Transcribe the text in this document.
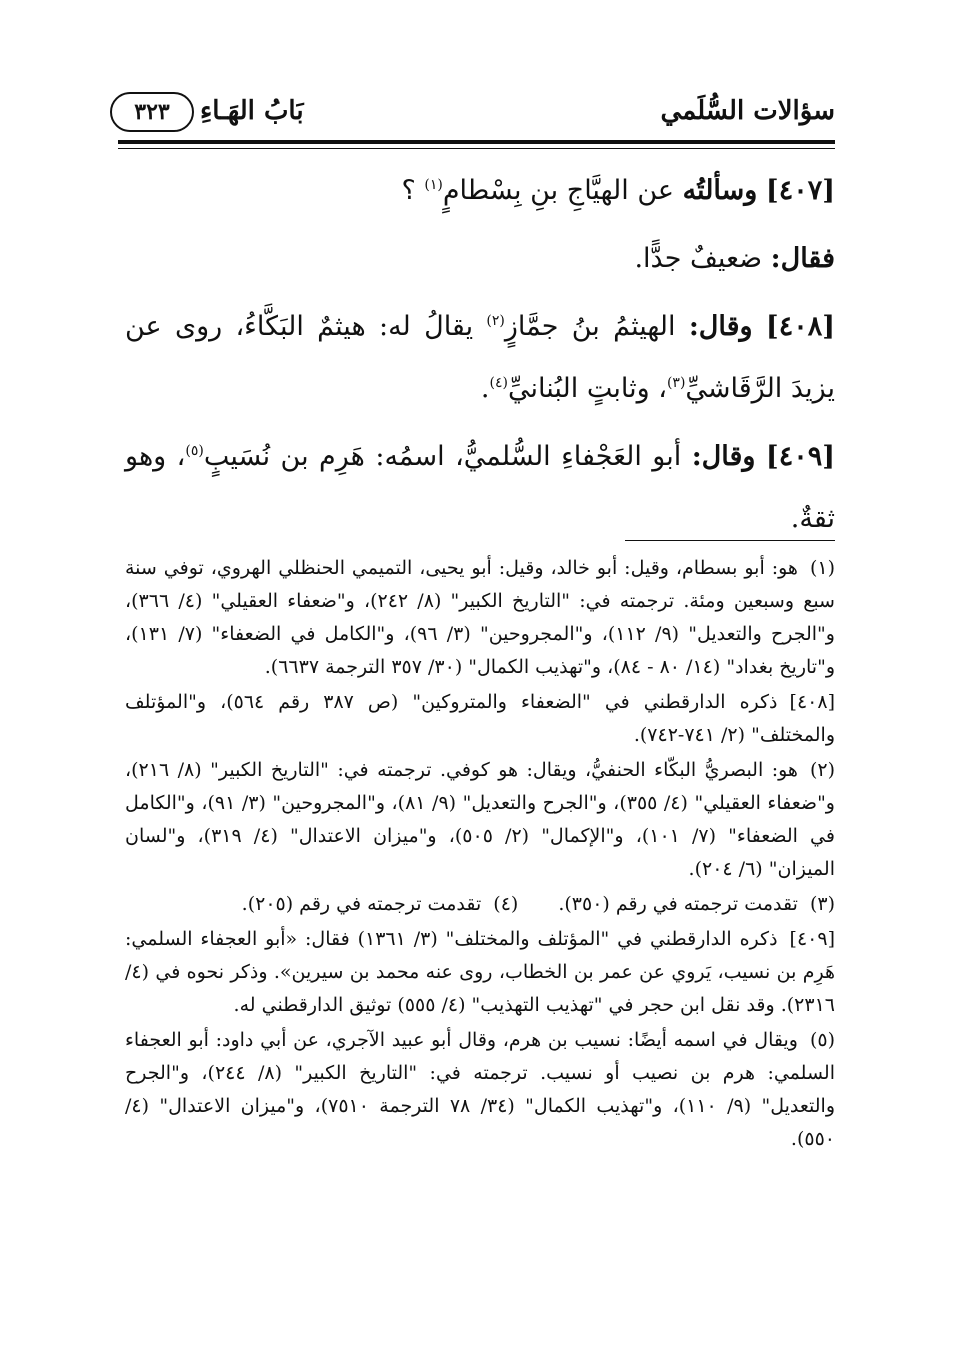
سؤالات السُّلَمي
بَابُ الهَـاءِ
٣٢٣

[٤٠٧] وسألتُه عن الهيَّاجِ بنِ بِسْطامٍ$^{(١)}$ ؟

فقال: ضعيفٌ جدًّا.

[٤٠٨] وقال: الهيثمُ بنُ جمَّازٍ$^{(٢)}$ يقالُ له: هيثمٌ البَكَّاءُ، روى عن يزيدَ الرَّقَاشيِّ$^{(٣)}$، وثابتٍ البُنانيِّ$^{(٤)}$.

[٤٠٩] وقال: أبو العَجْفاءِ السُّلميُّ، اسمُه: هَرِم بن نُسَيبٍ$^{(٥)}$، وهو ثقةٌ.

(١)هو: أبو بسطام، وقيل: أبو خالد، وقيل: أبو يحيى، التميمي الحنظلي الهروي، توفي سنة سبع وسبعين ومئة. ترجمته في: "التاريخ الكبير" (٨/ ٢٤٢)، و"ضعفاء العقيلي" (٤/ ٣٦٦)، و"الجرح والتعديل" (٩/ ١١٢)، و"المجروحين" (٣/ ٩٦)، و"الكامل في الضعفاء" (٧/ ١٣١)، و"تاريخ بغداد" (١٤/ ٨٠ - ٨٤)، و"تهذيب الكمال" (٣٠/ ٣٥٧ الترجمة ٦٦٣٧).

[٤٠٨]ذكره الدارقطني في "الضعفاء والمتروكين" (ص ٣٨٧ رقم ٥٦٤)، و"المؤتلف والمختلف" (٢/ ٧٤١-٧٤٢).

(٢)هو: البصريُّ البكّاء الحنفيُّ، ويقال: هو كوفي. ترجمته في: "التاريخ الكبير" (٨/ ٢١٦)، و"ضعفاء العقيلي" (٤/ ٣٥٥)، و"الجرح والتعديل" (٩/ ٨١)، و"المجروحين" (٣/ ٩١)، و"الكامل في الضعفاء" (٧/ ١٠١)، و"الإكمال" (٢/ ٥٠٥)، و"ميزان الاعتدال" (٤/ ٣١٩)، و"لسان الميزان" (٦/ ٢٠٤).

(٣)تقدمت ترجمته في رقم (٣٥٠).(٤)تقدمت ترجمته في رقم (٢٠٥).

[٤٠٩]ذكره الدارقطني في "المؤتلف والمختلف" (٣/ ١٣٦١) فقال: «أبو العجفاء السلمي: هَرِم بن نسيب، يَروي عن عمر بن الخطاب، روى عنه محمد بن سيرين». وذكر نحوه في (٤/ ٢٣١٦). وقد نقل ابن حجر في "تهذيب التهذيب" (٤/ ٥٥٥) توثيق الدارقطني له.

(٥)ويقال في اسمه أيضًا: نسيب بن هرم، وقال أبو عبيد الآجري، عن أبي داود: أبو العجفاء السلمي: هرم بن نصيب أو نسيب. ترجمته في: "التاريخ الكبير" (٨/ ٢٤٤)، و"الجرح والتعديل" (٩/ ١١٠)، و"تهذيب الكمال" (٣٤/ ٧٨ الترجمة ٧٥١٠)، و"ميزان الاعتدال" (٤/ ٥٥٠).
